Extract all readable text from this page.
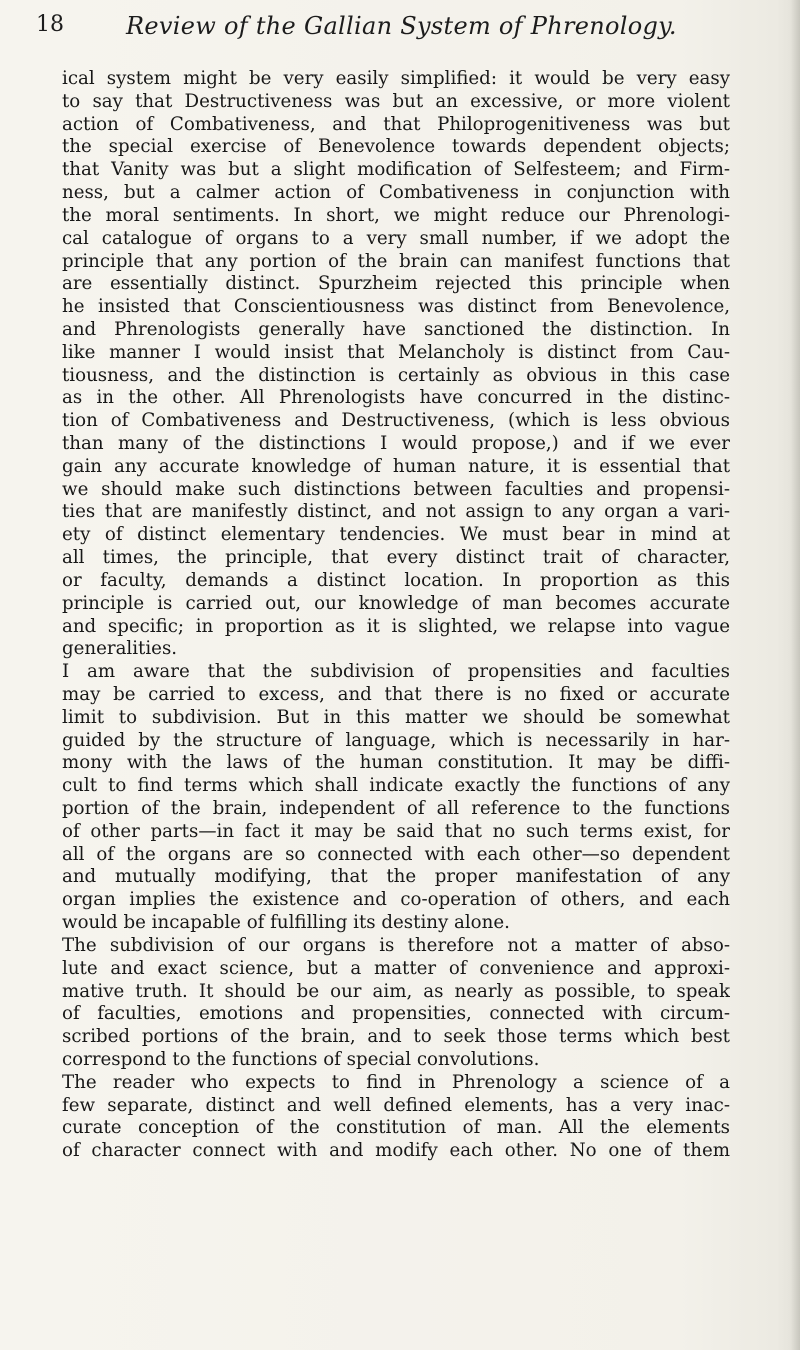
18	Review of the Gallian System of Phrenology.
ical system might be very easily simplified: it would be very easy
to say that Destructiveness was but an excessive, or more violent
action of Combativeness, and that Philoprogenitiveness was but
the special exercise of Benevolence towards dependent objects;
that Vanity was but a slight modification of Selfesteem; and Firm-
ness, but a calmer action of Combativeness in conjunction with
the moral sentiments. In short, we might reduce our Phrenologi-
cal catalogue of organs to a very small number, if we adopt the
principle that any portion of the brain can manifest functions that
are essentially distinct. Spurzheim rejected this principle when
he insisted that Conscientiousness was distinct from Benevolence,
and Phrenologists generally have sanctioned the distinction. In
like manner I would insist that Melancholy is distinct from Cau-
tiousness, and the distinction is certainly as obvious in this case
as in the other. All Phrenologists have concurred in the distinc-
tion of Combativeness and Destructiveness, (which is less obvious
than many of the distinctions I would propose,) and if we ever
gain any accurate knowledge of human nature, it is essential that
we should make such distinctions between faculties and propensi-
ties that are manifestly distinct, and not assign to any organ a vari-
ety of distinct elementary tendencies. We must bear in mind at
all times, the principle, that every distinct trait of character,
or faculty, demands a distinct location. In proportion as this
principle is carried out, our knowledge of man becomes accurate
and specific; in proportion as it is slighted, we relapse into vague
generalities.
I am aware that the subdivision of propensities and faculties
may be carried to excess, and that there is no fixed or accurate
limit to subdivision. But in this matter we should be somewhat
guided by the structure of language, which is necessarily in har-
mony with the laws of the human constitution. It may be diffi-
cult to find terms which shall indicate exactly the functions of any
portion of the brain, independent of all reference to the functions
of other parts—in fact it may be said that no such terms exist, for
all of the organs are so connected with each other—so dependent
and mutually modifying, that the proper manifestation of any
organ implies the existence and co-operation of others, and each
would be incapable of fulfilling its destiny alone.
The subdivision of our organs is therefore not a matter of abso-
lute and exact science, but a matter of convenience and approxi-
mative truth. It should be our aim, as nearly as possible, to speak
of faculties, emotions and propensities, connected with circum-
scribed portions of the brain, and to seek those terms which best
correspond to the functions of special convolutions.
The reader who expects to find in Phrenology a science of a
few separate, distinct and well defined elements, has a very inac-
curate conception of the constitution of man. All the elements
of character connect with and modify each other. No one of them
